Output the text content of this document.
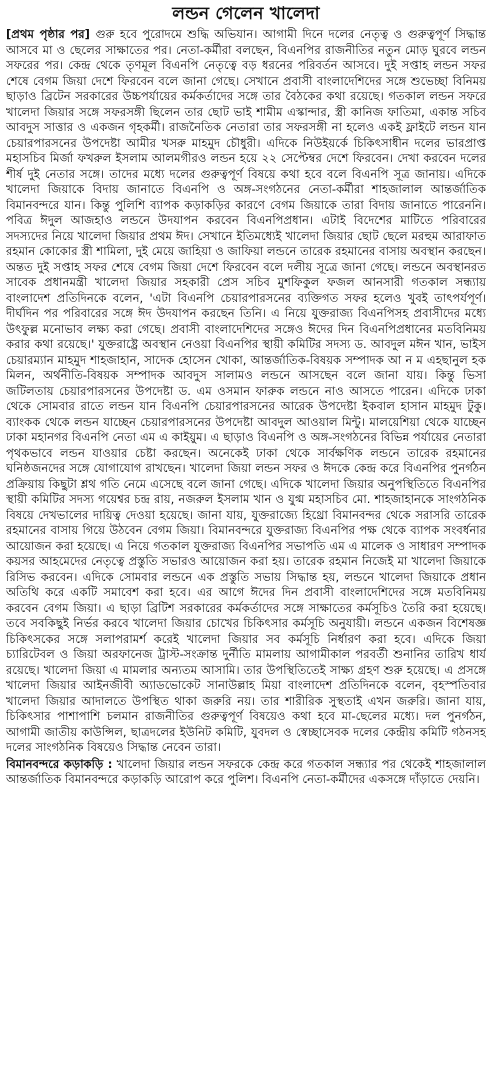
লন্ডন গেলেন খালেদা

[প্রথম পৃষ্ঠার পর] গুরু হবে পুরোদমে শুদ্ধি অভিযান। আগামী দিনে দলের নেতৃত্ব ও গুরুত্বপূর্ণ সিদ্ধান্ত আসবে মা ও ছেলের সাক্ষাতের পর। নেতা-কর্মীরা বলছেন, বিএনপির রাজনীতির নতুন মোড় ঘুরবে লন্ডন সফরের পর। কেন্দ্র থেকে তৃণমূল বিএনপি নেতৃত্বে বড় ধরনের পরিবর্তন আসবে। দুই সপ্তাহ লন্ডন সফর শেষে বেগম জিয়া দেশে ফিরবেন বলে জানা গেছে। সেখানে প্রবাসী বাংলাদেশিদের সঙ্গে শুভেচ্ছা বিনিময় ছাড়াও ব্রিটেন সরকারের উচ্চপর্যায়ের কর্মকর্তাদের সঙ্গে তার বৈঠকের কথা রয়েছে। গতকাল লন্ডন সফরে খালেদা জিয়ার সঙ্গে সফরসঙ্গী ছিলেন তার ছোট ভাই শামীম এস্কান্দার, স্ত্রী কানিজ ফাতিমা, একান্ত সচিব আবদুস সাত্তার ও একজন গৃহকর্মী। রাজনৈতিক নেতারা তার সফরসঙ্গী না হলেও একই ফ্লাইটে লন্ডন যান চেয়ারপারসনের উপদেষ্টা আমীর খসরু মাহমুদ চৌধুরী। এদিকে নিউইয়র্কে চিকিৎসাধীন দলের ভারপ্রাপ্ত মহাসচিব মির্জা ফখরুল ইসলাম আলমগীরও লন্ডন হয়ে ২২ সেপ্টেম্বর দেশে ফিরবেন। দেখা করবেন দলের শীর্ষ দুই নেতার সঙ্গে। তাদের মধ্যে দলের গুরুত্বপূর্ণ বিষয়ে কথা হবে বলে বিএনপি সূত্র জানায়। এদিকে খালেদা জিয়াকে বিদায় জানাতে বিএনপি ও অঙ্গ-সংগঠনের নেতা-কর্মীরা শাহজালাল আন্তর্জাতিক বিমানবন্দরে যান। কিন্তু পুলিশি ব্যাপক কড়াকড়ির কারণে বেগম জিয়াকে তারা বিদায় জানাতে পারেননি। পবিত্র ঈদুল আজহাও লন্ডনে উদযাপন করবেন বিএনপিপ্রধান। এটাই বিদেশের মাটিতে পরিবারের সদস্যদের নিয়ে খালেদা জিয়ার প্রথম ঈদ। সেখানে ইতিমধ্যেই খালেদা জিয়ার ছোট ছেলে মরহুম আরাফাত রহমান কোকোর স্ত্রী শামিলা, দুই মেয়ে জাহিয়া ও জাফিয়া লন্ডনে তারেক রহমানের বাসায় অবস্থান করছেন। অন্তত দুই সপ্তাহ সফর শেষে বেগম জিয়া দেশে ফিরবেন বলে দলীয় সূত্রে জানা গেছে। লন্ডনে অবস্থানরত সাবেক প্রধানমন্ত্রী খালেদা জিয়ার সহকারী প্রেস সচিব মুশফিকুল ফজল আনসারী গতকাল সন্ধ্যায় বাংলাদেশ প্রতিদিনকে বলেন, 'এটা বিএনপি চেয়ারপারসনের ব্যক্তিগত সফর হলেও খুবই তাৎপর্যপূর্ণ। দীর্ঘদিন পর পরিবারের সঙ্গে ঈদ উদযাপন করছেন তিনি। এ নিয়ে যুক্তরাজ্য বিএনপিসহ প্রবাসীদের মধ্যে উৎফুল্ল মনোভাব লক্ষ্য করা গেছে। প্রবাসী বাংলাদেশিদের সঙ্গেও ঈদের দিন বিএনপিপ্রধানের মতবিনিময় করার কথা রয়েছে।' যুক্তরাষ্ট্রে অবস্থান নেওয়া বিএনপির স্থায়ী কমিটির সদস্য ড. আবদুল মঈন খান, ভাইস চেয়ারম্যান মাহমুদ শাহজাহান, সাদেক হোসেন খোকা, আন্তর্জাতিক-বিষয়ক সম্পাদক আ ন ম এহছানুল হক মিলন, অর্থনীতি-বিষয়ক সম্পাদক আবদুস সালামও লন্ডনে আসছেন বলে জানা যায়। কিন্তু ভিসা জটিলতায় চেয়ারপারসনের উপদেষ্টা ড. এম ওসমান ফারুক লন্ডনে নাও আসতে পারেন। এদিকে ঢাকা থেকে সোমবার রাতে লন্ডন যান বিএনপি চেয়ারপারসনের আরেক উপদেষ্টা ইকবাল হাসান মাহমুদ টুকু। ব্যাংকক থেকে লন্ডন যাচ্ছেন চেয়ারপারসনের উপদেষ্টা আবদুল আওয়াল মিন্টু। মালয়েশিয়া থেকে যাচ্ছেন ঢাকা মহানগর বিএনপি নেতা এম এ কাইয়ুম। এ ছাড়াও বিএনপি ও অঙ্গ-সংগঠনের বিভিন্ন পর্যায়ের নেতারা পৃথকভাবে লন্ডন যাওয়ার চেষ্টা করছেন। অনেকেই ঢাকা থেকে সার্বক্ষণিক লন্ডনে তারেক রহমানের ঘনিষ্ঠজনদের সঙ্গে যোগাযোগ রাখছেন। খালেদা জিয়া লন্ডন সফর ও ঈদকে কেন্দ্র করে বিএনপির পুনর্গঠন প্রক্রিয়ায় কিছুটা শ্লথ গতি নেমে এসেছে বলে জানা গেছে। এদিকে খালেদা জিয়ার অনুপস্থিতিতে বিএনপির স্থায়ী কমিটির সদস্য গয়েশ্বর চন্দ্র রায়, নজরুল ইসলাম খান ও যুগ্ম মহাসচিব মো. শাহজাহানকে সাংগঠনিক বিষয়ে দেখভালের দায়িত্ব দেওয়া হয়েছে। জানা যায়, যুক্তরাজ্যে হিথ্রো বিমানবন্দর থেকে সরাসরি তারেক রহমানের বাসায় গিয়ে উঠবেন বেগম জিয়া। বিমানবন্দরে যুক্তরাজ্য বিএনপির পক্ষ থেকে ব্যাপক সংবর্ধনার আয়োজন করা হয়েছে। এ নিয়ে গতকাল যুক্তরাজ্য বিএনপির সভাপতি এম এ মালেক ও সাধারণ সম্পাদক কয়সর আহমেদের নেতৃত্বে প্রস্তুতি সভারও আয়োজন করা হয়। তারেক রহমান নিজেই মা খালেদা জিয়াকে রিসিভ করবেন। এদিকে সোমবার লন্ডনে এক প্রস্তুতি সভায় সিদ্ধান্ত হয়, লন্ডনে খালেদা জিয়াকে প্রধান অতিথি করে একটি সমাবেশ করা হবে। এর আগে ঈদের দিন প্রবাসী বাংলাদেশিদের সঙ্গে মতবিনিময় করবেন বেগম জিয়া। এ ছাড়া ব্রিটিশ সরকারের কর্মকর্তাদের সঙ্গে সাক্ষাতের কর্মসূচিও তৈরি করা হয়েছে। তবে সবকিছুই নির্ভর করবে খালেদা জিয়ার চোখের চিকিৎসার কর্মসূচি অনুযায়ী। লন্ডনে একজন বিশেষজ্ঞ চিকিৎসকের সঙ্গে সলাপরামর্শ করেই খালেদা জিয়ার সব কর্মসূচি নির্ধারণ করা হবে। এদিকে জিয়া চ্যারিটেবল ও জিয়া অরফানেজ ট্রাস্ট-সংক্রান্ত দুর্নীতি মামলায় আগামীকাল পরবর্তী শুনানির তারিখ ধার্য রয়েছে। খালেদা জিয়া এ মামলার অন্যতম আসামি। তার উপস্থিতিতেই সাক্ষ্য গ্রহণ শুরু হয়েছে। এ প্রসঙ্গে খালেদা জিয়ার আইনজীবী অ্যাডভোকেট সানাউল্লাহ মিয়া বাংলাদেশ প্রতিদিনকে বলেন, বৃহস্পতিবার খালেদা জিয়ার আদালতে উপস্থিত থাকা জরুরি নয়। তার শারীরিক সুস্থতাই এখন জরুরি। জানা যায়, চিকিৎসার পাশাপাশি চলমান রাজনীতির গুরুত্বপূর্ণ বিষয়েও কথা হবে মা-ছেলের মধ্যে। দল পুনর্গঠন, আগামী জাতীয় কাউন্সিল, ছাত্রদলের ইউনিট কমিটি, যুবদল ও স্বেচ্ছাসেবক দলের কেন্দ্রীয় কমিটি গঠনসহ দলের সাংগঠনিক বিষয়েও সিদ্ধান্ত নেবেন তারা।

বিমানবন্দরে কড়াকড়ি : খালেদা জিয়ার লন্ডন সফরকে কেন্দ্র করে গতকাল সন্ধ্যার পর থেকেই শাহজালাল আন্তর্জাতিক বিমানবন্দরে কড়াকড়ি আরোপ করে পুলিশ। বিএনপি নেতা-কর্মীদের একসঙ্গে দাঁড়াতে দেয়নি।
